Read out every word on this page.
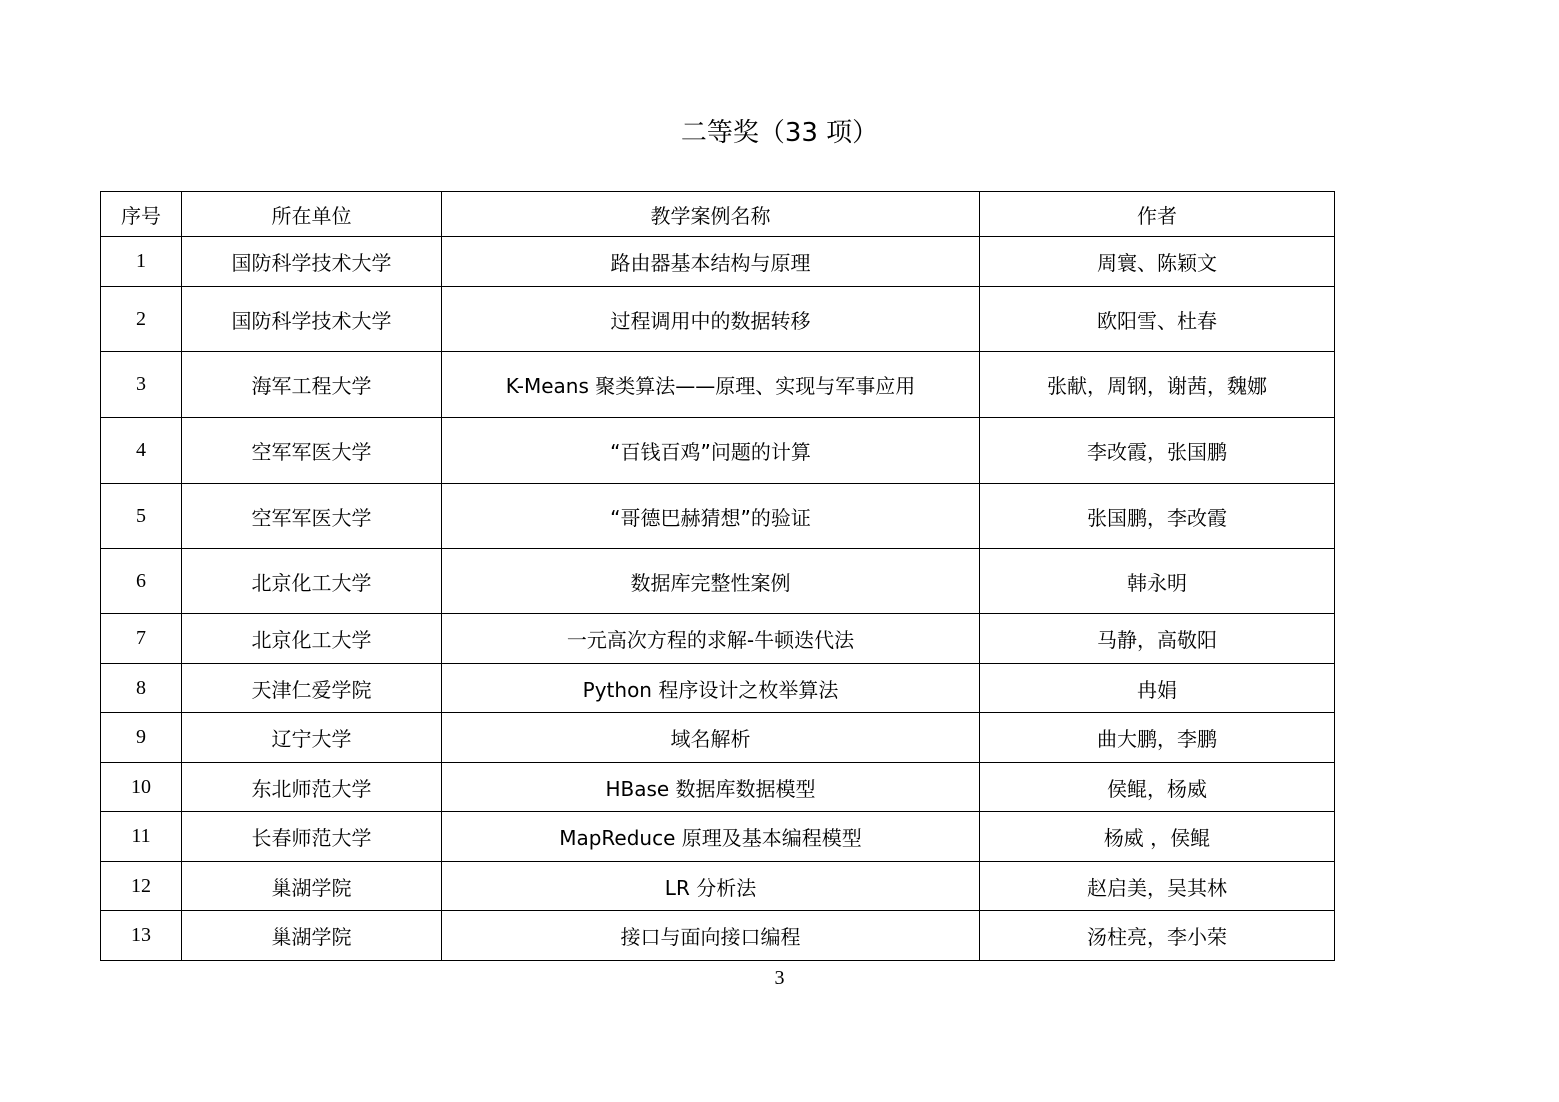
二等奖（33 项）
序号	所在单位	教学案例名称	作者
1	国防科学技术大学	路由器基本结构与原理	周寰、陈颖文
2	国防科学技术大学	过程调用中的数据转移	欧阳雪、杜春
3	海军工程大学	K-Means 聚类算法——原理、实现与军事应用	张献，周钢，谢茜，魏娜
4	空军军医大学	“百钱百鸡”问题的计算	李改霞，张国鹏
5	空军军医大学	“哥德巴赫猜想”的验证	张国鹏，李改霞
6	北京化工大学	数据库完整性案例	韩永明
7	北京化工大学	一元高次方程的求解-牛顿迭代法	马静，高敬阳
8	天津仁爱学院	Python 程序设计之枚举算法	冉娟
9	辽宁大学	域名解析	曲大鹏，李鹏
10	东北师范大学	HBase 数据库数据模型	侯鲲，杨威
11	长春师范大学	MapReduce 原理及基本编程模型	杨威 ，侯鲲
12	巢湖学院	LR 分析法	赵启美，吴其林
13	巢湖学院	接口与面向接口编程	汤柱亮，李小荣
3
